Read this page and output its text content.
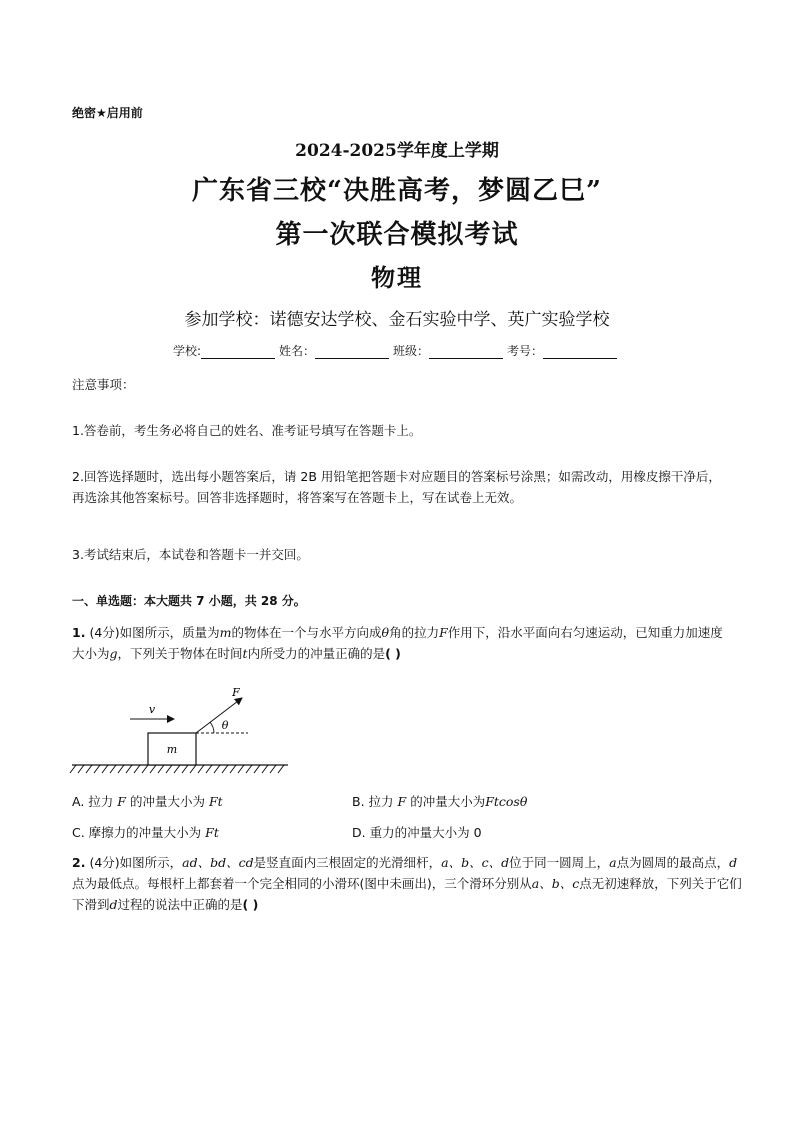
绝密★启用前
2024-2025学年度上学期
广东省三校“决胜高考，梦圆乙巳”
第一次联合模拟考试
物理
参加学校：诺德安达学校、金石实验中学、英广实验学校
学校:	姓名：	班级：	考号：
注意事项：
1.答卷前，考生务必将自己的姓名、准考证号填写在答题卡上。
2.回答选择题时，选出每小题答案后，请 2B 用铅笔把答题卡对应题目的答案标号涂黑；如需改动，用橡皮擦干净后，再选涂其他答案标号。回答非选择题时，将答案写在答题卡上，写在试卷上无效。
3.考试结束后，本试卷和答题卡一并交回。
一、单选题：本大题共 7 小题，共 28 分。
1. (4分)如图所示，质量为m的物体在一个与水平方向成θ角的拉力F作用下，沿水平面向右匀速运动，已知重力加速度大小为g，下列关于物体在时间t内所受力的冲量正确的是( )
m
v
F
θ
A. 拉力 F 的冲量大小为 Ft	B. 拉力 F 的冲量大小为Ftcosθ
C. 摩擦力的冲量大小为 Ft	D. 重力的冲量大小为 0
2. (4分)如图所示，ad、bd、cd是竖直面内三根固定的光滑细杆，a、b、c、d位于同一圆周上，a点为圆周的最高点，d点为最低点。每根杆上都套着一个完全相同的小滑环(图中未画出)，三个滑环分别从a、b、c点无初速释放，下列关于它们下滑到d过程的说法中正确的是( )
